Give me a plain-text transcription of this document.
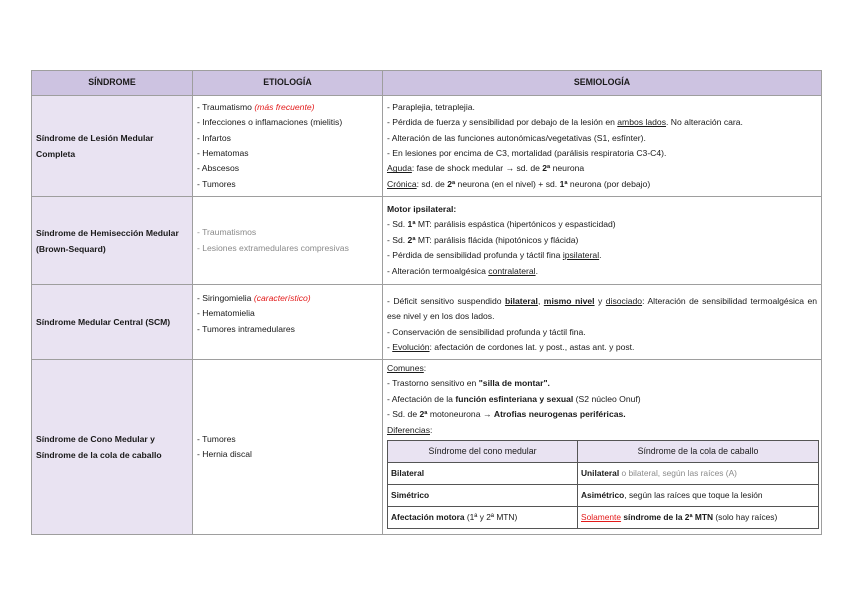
SÍNDROME	ETIOLOGÍA	SEMIOLOGÍA
Síndrome de Lesión Medular Completa	
- Traumatismo (más frecuente)
- Infecciones o inflamaciones (mielitis)
- Infartos
- Hematomas
- Abscesos
- Tumores

- Paraplejia, tetraplejia.
- Pérdida de fuerza y sensibilidad por debajo de la lesión en ambos lados. No alteración cara.
- Alteración de las funciones autonómicas/vegetativas (S1, esfínter).
- En lesiones por encima de C3, mortalidad (parálisis respiratoria C3-C4).
Aguda: fase de shock medular → sd. de 2ª neurona
Crónica: sd. de 2ª neurona (en el nivel) + sd. 1ª neurona (por debajo)

Síndrome de Hemisección Medular (Brown-Sequard)	
- Traumatismos
- Lesiones extramedulares compresivas

Motor ipsilateral:
- Sd. 1ª MT: parálisis espástica (hipertónicos y espasticidad)
- Sd. 2ª MT: parálisis flácida (hipotónicos y flácida)
- Pérdida de sensibilidad profunda y táctil fina ipsilateral.
- Alteración termoalgésica contralateral.

Síndrome Medular Central (SCM)	
- Siringomielia (característico)
- Hematomielia
- Tumores intramedulares

- Déficit sensitivo suspendido bilateral, mismo nivel y disociado: Alteración de sensibilidad termoalgésica en ese nivel y en los dos lados.
- Conservación de sensibilidad profunda y táctil fina.
- Evolución: afectación de cordones lat. y post., astas ant. y post.

Síndrome de Cono Medular y Síndrome de la cola de caballo	
- Tumores
- Hernia discal

Comunes:
- Trastorno sensitivo en "silla de montar".
- Afectación de la función esfinteriana y sexual (S2 núcleo Onuf)
- Sd. de 2ª motoneurona → Atrofias neurogenas periféricas.
Diferencias:
Síndrome del cono medular	Síndrome de la cola de caballo
Bilateral	Unilateral o bilateral, según las raíces (A)
Simétrico	Asimétrico, según las raíces que toque la lesión
Afectación motora (1ª y 2ª MTN)	Solamente síndrome de la 2ª MTN (solo hay raíces)
